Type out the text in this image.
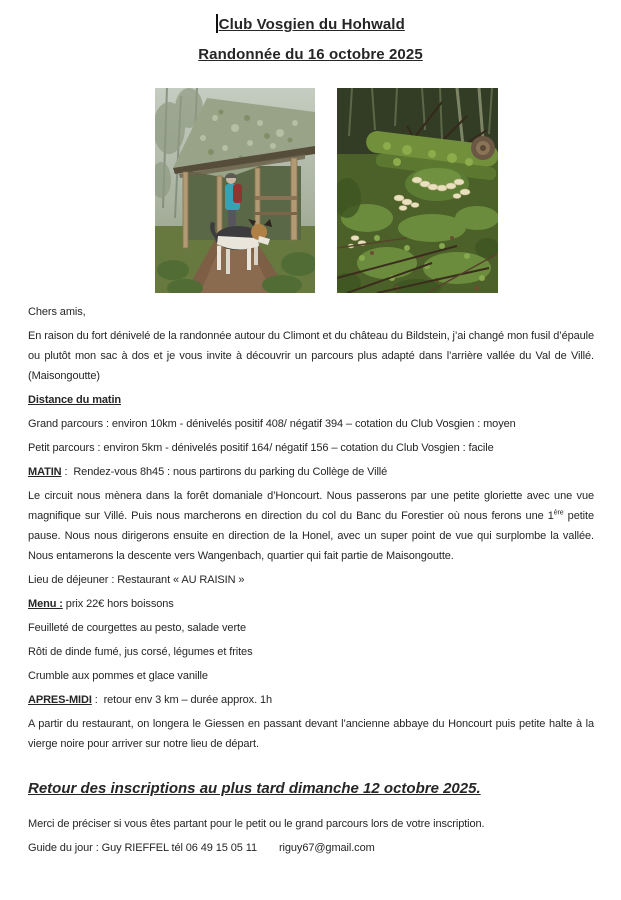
Club Vosgien du Hohwald
Randonnée du 16 octobre 2025

Chers amis,

En raison du fort dénivelé de la randonnée autour du Climont et du château du Bildstein, j’ai changé mon fusil d’épaule ou plutôt mon sac à dos et je vous invite à découvrir un parcours plus adapté dans l’arrière vallée du Val de Villé. (Maisongoutte)

Distance du matin

Grand parcours : environ 10km - dénivelés positif 408/ négatif 394 – cotation du Club Vosgien : moyen

Petit parcours : environ 5km - dénivelés positif 164/ négatif 156 – cotation du Club Vosgien : facile

MATIN :  Rendez-vous 8h45 : nous partirons du parking du Collège de Villé

Le circuit nous mènera dans la forêt domaniale d’Honcourt. Nous passerons par une petite gloriette avec une vue magnifique sur Villé. Puis nous marcherons en direction du col du Banc du Forestier où nous ferons une 1ère petite pause. Nous nous dirigerons ensuite en direction de la Honel, avec un super point de vue qui surplombe la vallée. Nous entamerons la descente vers Wangenbach, quartier qui fait partie de Maisongoutte.

Lieu de déjeuner : Restaurant « AU RAISIN »

Menu : prix 22€ hors boissons

Feuilleté de courgettes au pesto, salade verte

Rôti de dinde fumé, jus corsé, légumes et frites

Crumble aux pommes et glace vanille

APRES-MIDI :  retour env 3 km – durée approx. 1h

A partir du restaurant, on longera le Giessen en passant devant l’ancienne abbaye du Honcourt puis petite halte à la vierge noire pour arriver sur notre lieu de départ.

Retour des inscriptions au plus tard dimanche 12 octobre 2025.

Merci de préciser si vous êtes partant pour le petit ou le grand parcours lors de votre inscription.

Guide du jour : Guy RIEFFEL tél 06 49 15 05 11 riguy67@gmail.com
